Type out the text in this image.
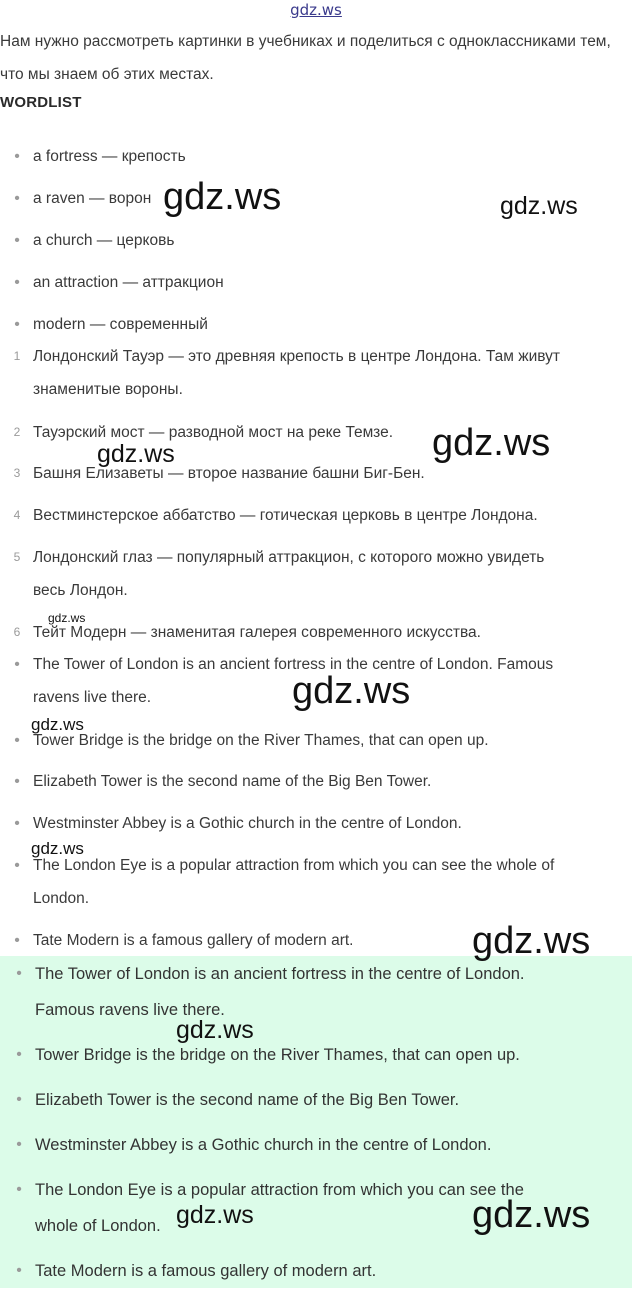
gdz.ws

Нам нужно рассмотреть картинки в учебниках и поделиться с одноклассниками тем, что мы знаем об этих местах.

WORDLIST
• a fortress — крепость
• a raven — ворон
• a church — церковь
• an attraction — аттракцион
• modern — современный
1 Лондонский Тауэр — это древняя крепость в центре Лондона. Там живут
знаменитые вороны.
2 Тауэрский мост — разводной мост на реке Темзе.
3 Башня Елизаветы — второе название башни Биг-Бен.
4 Вестминстерское аббатство — готическая церковь в центре Лондона.
5 Лондонский глаз — популярный аттракцион, с которого можно увидеть
весь Лондон.
6 Тейт Модерн — знаменитая галерея современного искусства.
• The Tower of London is an ancient fortress in the centre of London. Famous
ravens live there.
• Tower Bridge is the bridge on the River Thames, that can open up.
• Elizabeth Tower is the second name of the Big Ben Tower.
• Westminster Abbey is a Gothic church in the centre of London.
• The London Eye is a popular attraction from which you can see the whole of
London.
• Tate Modern is a famous gallery of modern art.
• The Tower of London is an ancient fortress in the centre of London.
Famous ravens live there.
• Tower Bridge is the bridge on the River Thames, that can open up.
• Elizabeth Tower is the second name of the Big Ben Tower.
• Westminster Abbey is a Gothic church in the centre of London.
• The London Eye is a popular attraction from which you can see the
whole of London.
• Tate Modern is a famous gallery of modern art.
gdz.ws	gdz.ws
gdz.ws
gdz.ws
gdz.ws
gdz.ws
gdz.ws
gdz.ws
gdz.ws
gdz.ws
gdz.ws	gdz.ws
